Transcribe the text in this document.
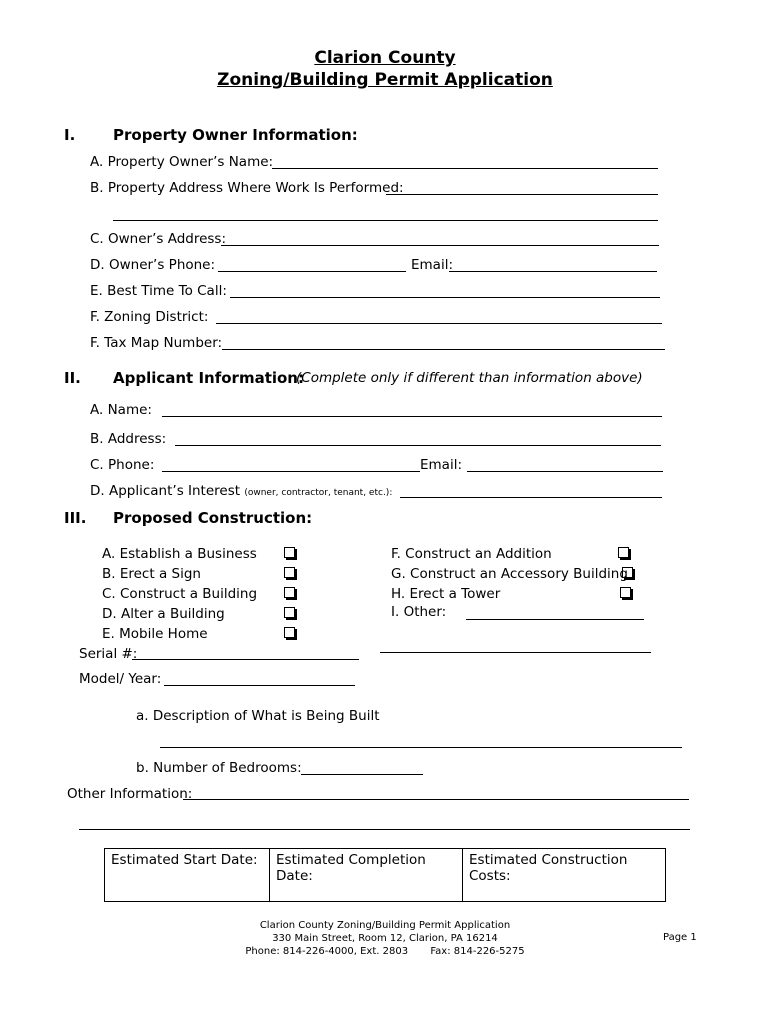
Clarion County
Zoning/Building Permit Application
I.	Property Owner Information:
A. Property Owner’s Name:
B. Property Address Where Work Is Performed:
C. Owner’s Address:
D. Owner’s Phone:	Email:
E. Best Time To Call:
F. Zoning District:
F. Tax Map Number:
II. Applicant Information:
(Complete only if different than information above)
A. Name:
B. Address:
C. Phone:	Email:
D. Applicant’s Interest (owner, contractor, tenant, etc.):
III. Proposed Construction:
A. Establish a Business
B. Erect a Sign
C. Construct a Building
D. Alter a Building
E. Mobile Home
F. Construct an Addition
G. Construct an Accessory Building
H. Erect a Tower
I. Other:
Serial #:
Model/ Year:
a. Description of What is Being Built
b. Number of Bedrooms:
Other Information:
Estimated Start Date:	Estimated Completion Date:	Estimated Construction Costs:
Clarion County Zoning/Building Permit Application
330 Main Street, Room 12, Clarion, PA 16214
Phone: 814-226-4000, Ext. 2803       Fax: 814-226-5275
Page 1
